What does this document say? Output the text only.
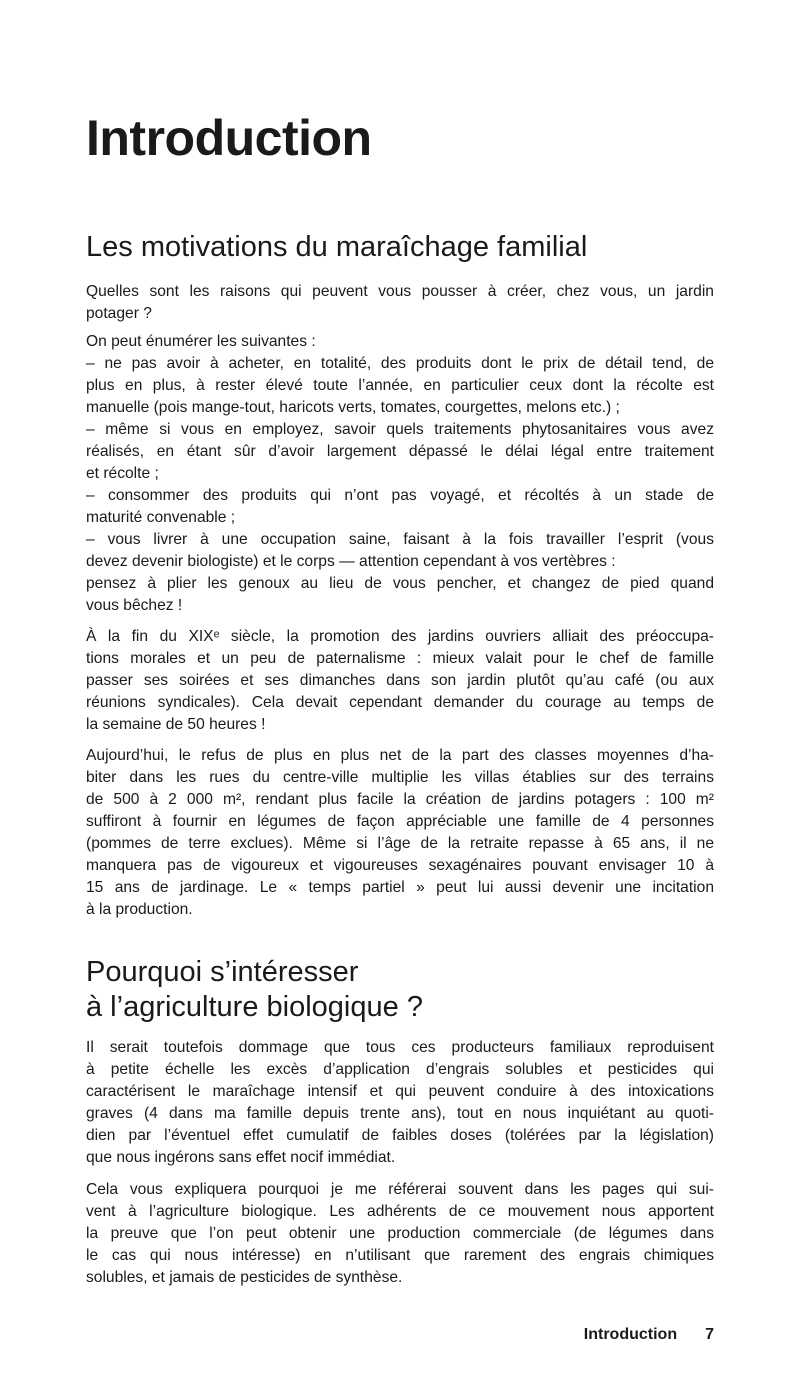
Introduction
Les motivations du maraîchage familial
Quelles sont les raisons qui peuvent vous pousser à créer, chez vous, un jardin
potager ?
On peut énumérer les suivantes :
– ne pas avoir à acheter, en totalité, des produits dont le prix de détail tend, de
plus en plus, à rester élevé toute l’année, en particulier ceux dont la récolte est
manuelle (pois mange-tout, haricots verts, tomates, courgettes, melons etc.) ;
– même si vous en employez, savoir quels traitements phytosanitaires vous avez
réalisés, en étant sûr d’avoir largement dépassé le délai légal entre traitement
et récolte ;
– consommer des produits qui n’ont pas voyagé, et récoltés à un stade de
maturité convenable ;
– vous livrer à une occupation saine, faisant à la fois travailler l’esprit (vous
devez devenir biologiste) et le corps — attention cependant à vos vertèbres :
pensez à plier les genoux au lieu de vous pencher, et changez de pied quand
vous bêchez !
À la fin du XIXᵉ siècle, la promotion des jardins ouvriers alliait des préoccupa-
tions morales et un peu de paternalisme : mieux valait pour le chef de famille
passer ses soirées et ses dimanches dans son jardin plutôt qu’au café (ou aux
réunions syndicales). Cela devait cependant demander du courage au temps de
la semaine de 50 heures !
Aujourd’hui, le refus de plus en plus net de la part des classes moyennes d’ha-
biter dans les rues du centre-ville multiplie les villas établies sur des terrains
de 500 à 2 000 m², rendant plus facile la création de jardins potagers : 100 m²
suffiront à fournir en légumes de façon appréciable une famille de 4 personnes
(pommes de terre exclues). Même si l’âge de la retraite repasse à 65 ans, il ne
manquera pas de vigoureux et vigoureuses sexagénaires pouvant envisager 10 à
15 ans de jardinage. Le « temps partiel » peut lui aussi devenir une incitation
à la production.
Pourquoi s’intéresser
à l’agriculture biologique ?
Il serait toutefois dommage que tous ces producteurs familiaux reproduisent
à petite échelle les excès d’application d’engrais solubles et pesticides qui
caractérisent le maraîchage intensif et qui peuvent conduire à des intoxications
graves (4 dans ma famille depuis trente ans), tout en nous inquiétant au quoti-
dien par l’éventuel effet cumulatif de faibles doses (tolérées par la législation)
que nous ingérons sans effet nocif immédiat.
Cela vous expliquera pourquoi je me référerai souvent dans les pages qui sui-
vent à l’agriculture biologique. Les adhérents de ce mouvement nous apportent
la preuve que l’on peut obtenir une production commerciale (de légumes dans
le cas qui nous intéresse) en n’utilisant que rarement des engrais chimiques
solubles, et jamais de pesticides de synthèse.
Introduction 7
